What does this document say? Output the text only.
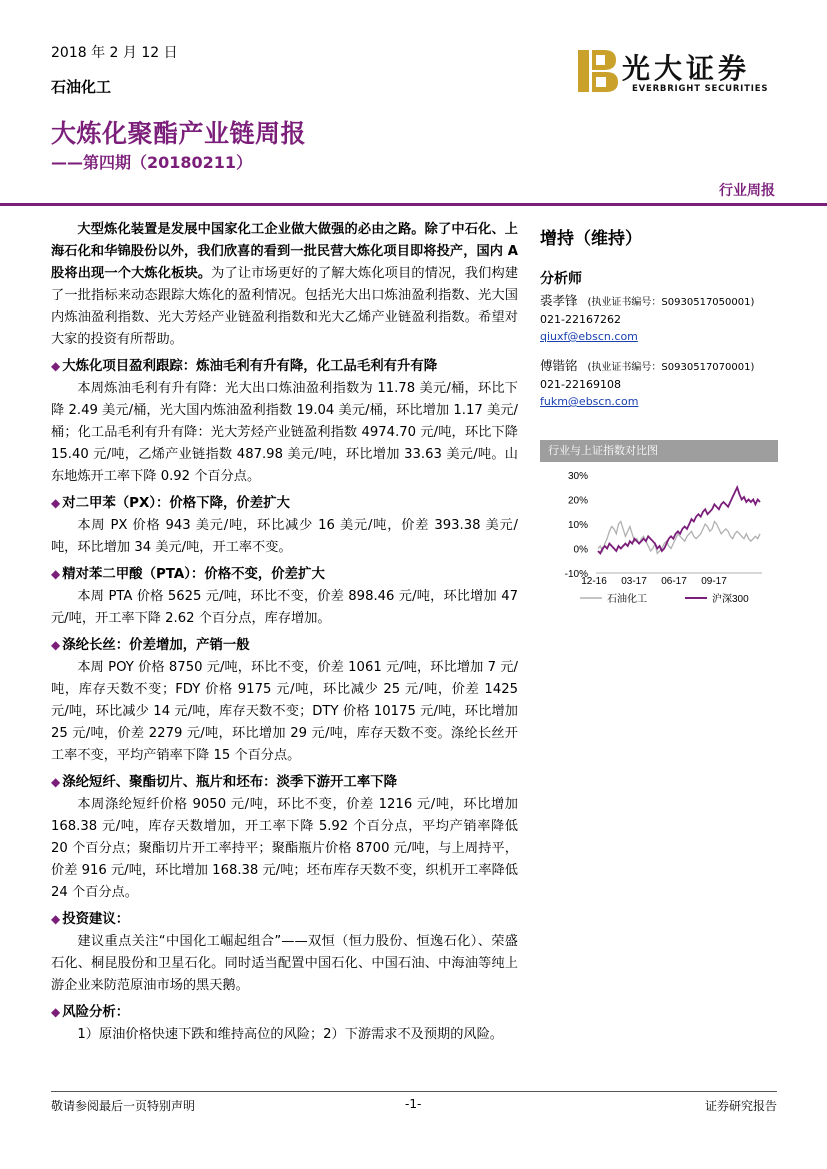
2018 年 2 月 12 日
石油化工
大炼化聚酯产业链周报
——第四期（20180211）
光大证券
EVERBRIGHT SECURITIES
行业周报

大型炼化装置是发展中国家化工企业做大做强的必由之路。除了中石化、上海石化和华锦股份以外，我们欣喜的看到一批民营大炼化项目即将投产，国内 A 股将出现一个大炼化板块。为了让市场更好的了解大炼化项目的情况，我们构建了一批指标来动态跟踪大炼化的盈利情况。包括光大出口炼油盈利指数、光大国内炼油盈利指数、光大芳烃产业链盈利指数和光大乙烯产业链盈利指数。希望对大家的投资有所帮助。

◆ 大炼化项目盈利跟踪：炼油毛利有升有降，化工品毛利有升有降

本周炼油毛利有升有降：光大出口炼油盈利指数为 11.78 美元/桶，环比下降 2.49 美元/桶，光大国内炼油盈利指数 19.04 美元/桶，环比增加 1.17 美元/桶；化工品毛利有升有降：光大芳烃产业链盈利指数 4974.70 元/吨，环比下降 15.40 元/吨，乙烯产业链指数 487.98 美元/吨，环比增加 33.63 美元/吨。山东地炼开工率下降 0.92 个百分点。

◆ 对二甲苯（PX）：价格下降，价差扩大

本周 PX 价格 943 美元/吨，环比减少 16 美元/吨，价差 393.38 美元/吨，环比增加 34 美元/吨，开工率不变。

◆ 精对苯二甲酸（PTA）：价格不变，价差扩大

本周 PTA 价格 5625 元/吨，环比不变，价差 898.46 元/吨，环比增加 47 元/吨，开工率下降 2.62 个百分点，库存增加。

◆ 涤纶长丝：价差增加，产销一般

本周 POY 价格 8750 元/吨，环比不变，价差 1061 元/吨，环比增加 7 元/吨，库存天数不变；FDY 价格 9175 元/吨，环比减少 25 元/吨，价差 1425 元/吨，环比减少 14 元/吨，库存天数不变；DTY 价格 10175 元/吨，环比增加 25 元/吨，价差 2279 元/吨，环比增加 29 元/吨，库存天数不变。涤纶长丝开工率不变，平均产销率下降 15 个百分点。

◆ 涤纶短纤、聚酯切片、瓶片和坯布：淡季下游开工率下降

本周涤纶短纤价格 9050 元/吨，环比不变，价差 1216 元/吨，环比增加 168.38 元/吨，库存天数增加，开工率下降 5.92 个百分点，平均产销率降低 20 个百分点；聚酯切片开工率持平；聚酯瓶片价格 8700 元/吨，与上周持平，价差 916 元/吨，环比增加 168.38 元/吨；坯布库存天数不变，织机开工率降低 24 个百分点。

◆ 投资建议：

建议重点关注“中国化工崛起组合”——双恒（恒力股份、恒逸石化）、荣盛石化、桐昆股份和卫星石化。同时适当配置中国石化、中国石油、中海油等纯上游企业来防范原油市场的黑天鹅。

◆ 风险分析：

1）原油价格快速下跌和维持高位的风险；2）下游需求不及预期的风险。

增持（维持）
分析师
裘孝锋 (执业证书编号：S0930517050001)
021-22167262
qiuxf@ebscn.com
傅锴铭 (执业证书编号：S0930517070001)
021-22169108
fukm@ebscn.com
行业与上证指数对比图
30%
20%
10%
0%
-10%
12-16 03-17 06-17 09-17
石油化工	沪深300
敬请参阅最后一页特别声明	-1-	证券研究报告
